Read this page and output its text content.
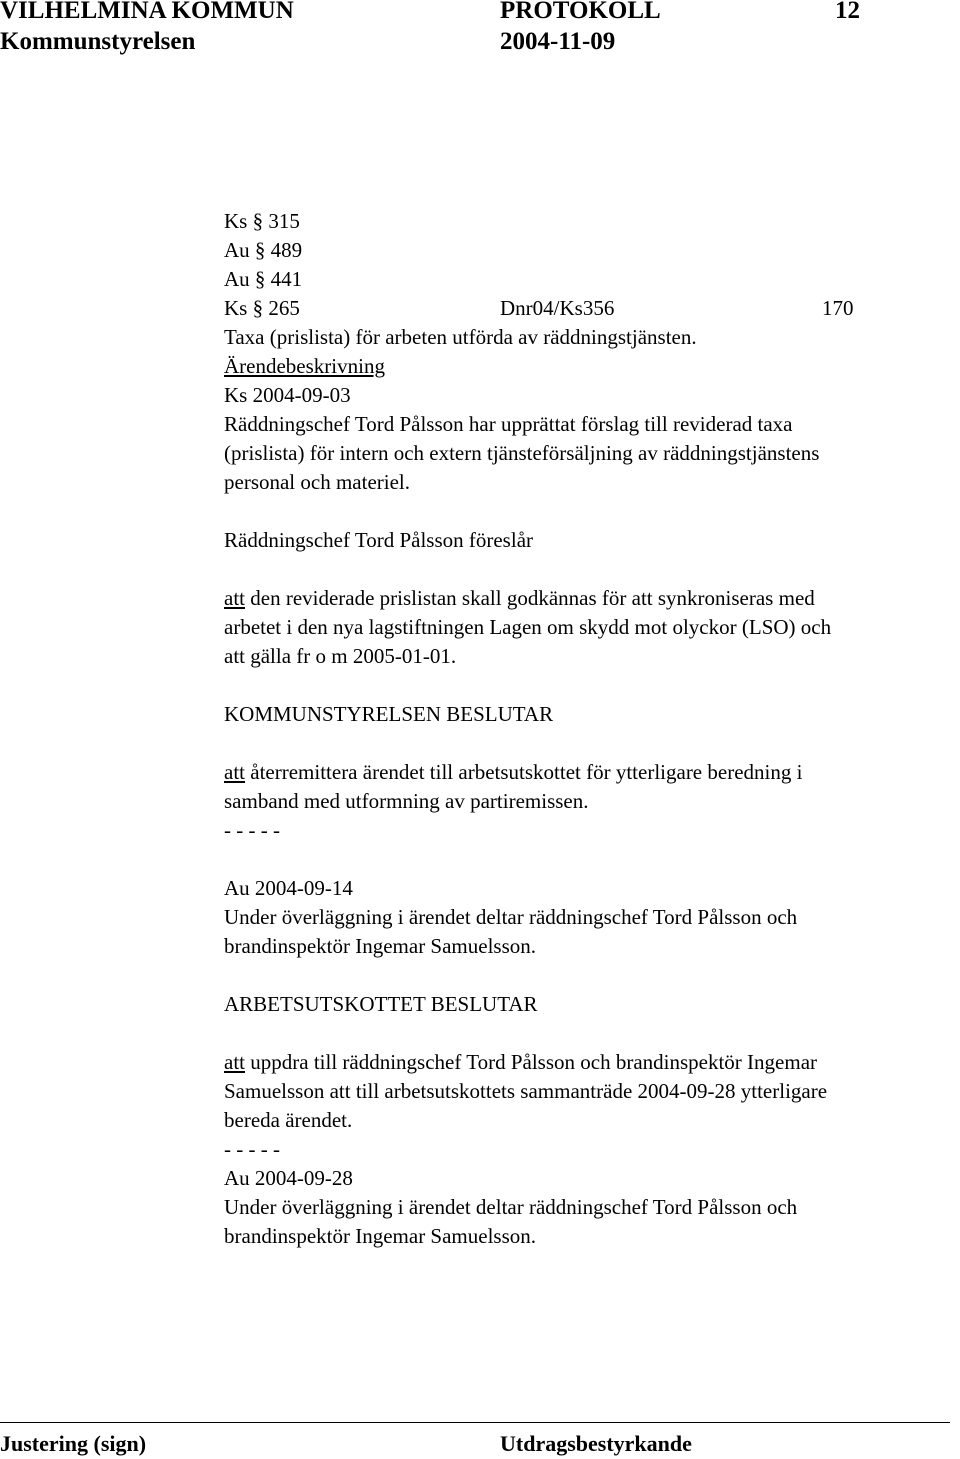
VILHELMINA KOMMUN	PROTOKOLL	12
Kommunstyrelsen	2004-11-09
Ks § 315
Au § 489
Au § 441
Ks § 265	Dnr04/Ks356	170
Taxa (prislista) för arbeten utförda av räddningstjänsten.
Ärendebeskrivning
Ks 2004-09-03
Räddningschef Tord Pålsson har upprättat förslag till reviderad taxa
(prislista) för intern och extern tjänsteförsäljning av räddningstjänstens
personal och materiel.
Räddningschef Tord Pålsson föreslår
att den reviderade prislistan skall godkännas för att synkroniseras med
arbetet i den nya lagstiftningen Lagen om skydd mot olyckor (LSO) och
att gälla fr o m 2005-01-01.
KOMMUNSTYRELSEN BESLUTAR
att återremittera ärendet till arbetsutskottet för ytterligare beredning i
samband med utformning av partiremissen.
- - - - -
Au 2004-09-14
Under överläggning i ärendet deltar räddningschef Tord Pålsson och
brandinspektör Ingemar Samuelsson.
ARBETSUTSKOTTET BESLUTAR
att uppdra till räddningschef Tord Pålsson och brandinspektör Ingemar
Samuelsson att till arbetsutskottets sammanträde 2004-09-28 ytterligare
bereda ärendet.
- - - - -
Au 2004-09-28
Under överläggning i ärendet deltar räddningschef Tord Pålsson och
brandinspektör Ingemar Samuelsson.
Justering (sign)	Utdragsbestyrkande
